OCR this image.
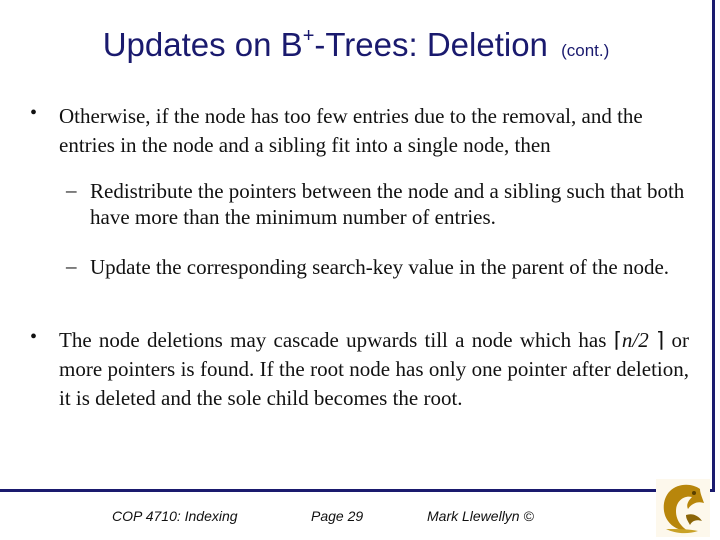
Updates on B+-Trees: Deletion (cont.)
• Otherwise, if the node has too few entries due to the removal, and the entries in the node and a sibling fit into a single node, then
– Redistribute the pointers between the node and a sibling such that both have more than the minimum number of entries.
– Update the corresponding search-key value in the parent of the node.
• The node deletions may cascade upwards till a node which has ⌈n/2 ⌉ or more pointers is found. If the root node has only one pointer after deletion, it is deleted and the sole child becomes the root.
COP 4710: Indexing	Page 29	Mark Llewellyn ©
